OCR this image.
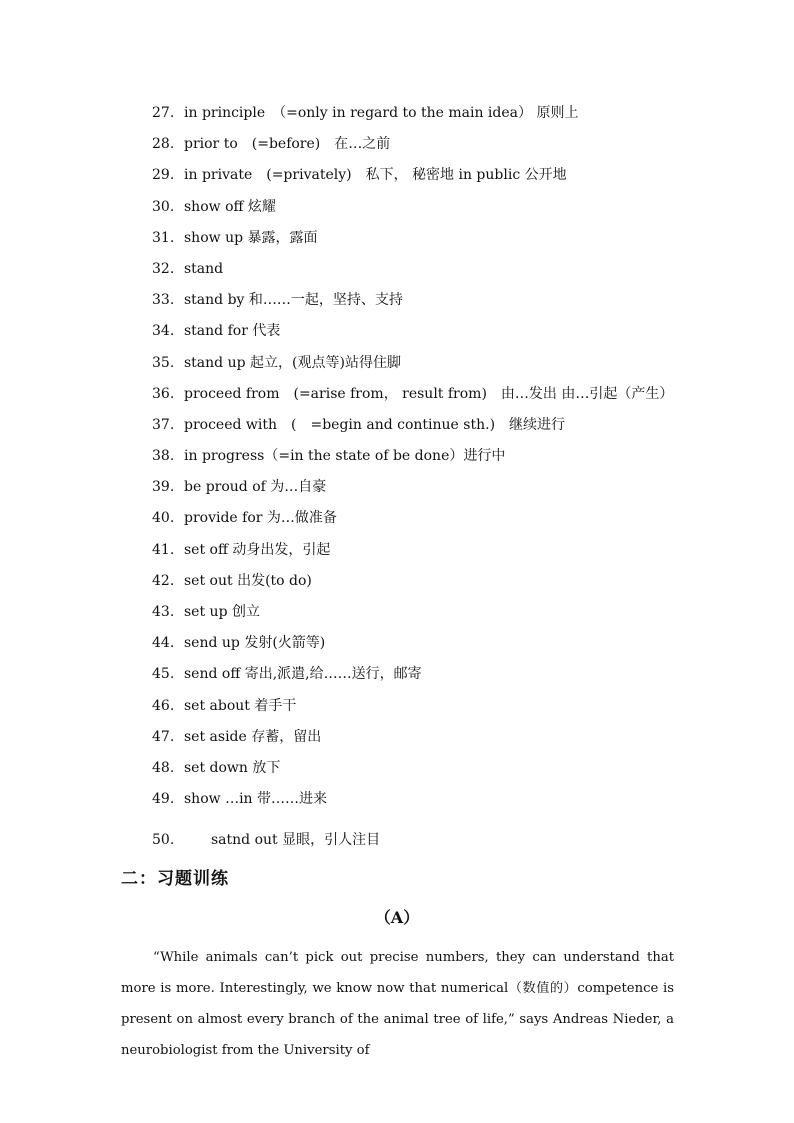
27. in principle　（=only in regard to the main idea） 原则上
28. prior to　(=before)　在…之前
29. in private　(=privately)　私下， 秘密地 in public 公开地
30. show off 炫耀
31. show up 暴露，露面
32. stand
33. stand by 和……一起，坚持、支持
34. stand for 代表
35. stand up 起立，(观点等)站得住脚
36. proceed from　(=arise from， result from)　由…发出 由…引起（产生）
37. proceed with　(　=begin and continue sth.)　继续进行
38. in progress（=in the state of be done）进行中
39. be proud of 为…自豪
40. provide for 为…做准备
41. set off 动身出发，引起
42. set out 出发(to do)
43. set up 创立
44. send up 发射(火箭等)
45. send off 寄出,派遣,给……送行，邮寄
46. set about 着手干
47. set aside 存蓄，留出
48. set down 放下
49. show …in 带……进来
50.	satnd out 显眼，引人注目
二：习题训练
（A）

“While animals can’t pick out precise numbers, they can understand that more is more. Interestingly, we know now that numerical（数值的）competence is present on almost every branch of the animal tree of life,” says Andreas Nieder, a neurobiologist from the University of
